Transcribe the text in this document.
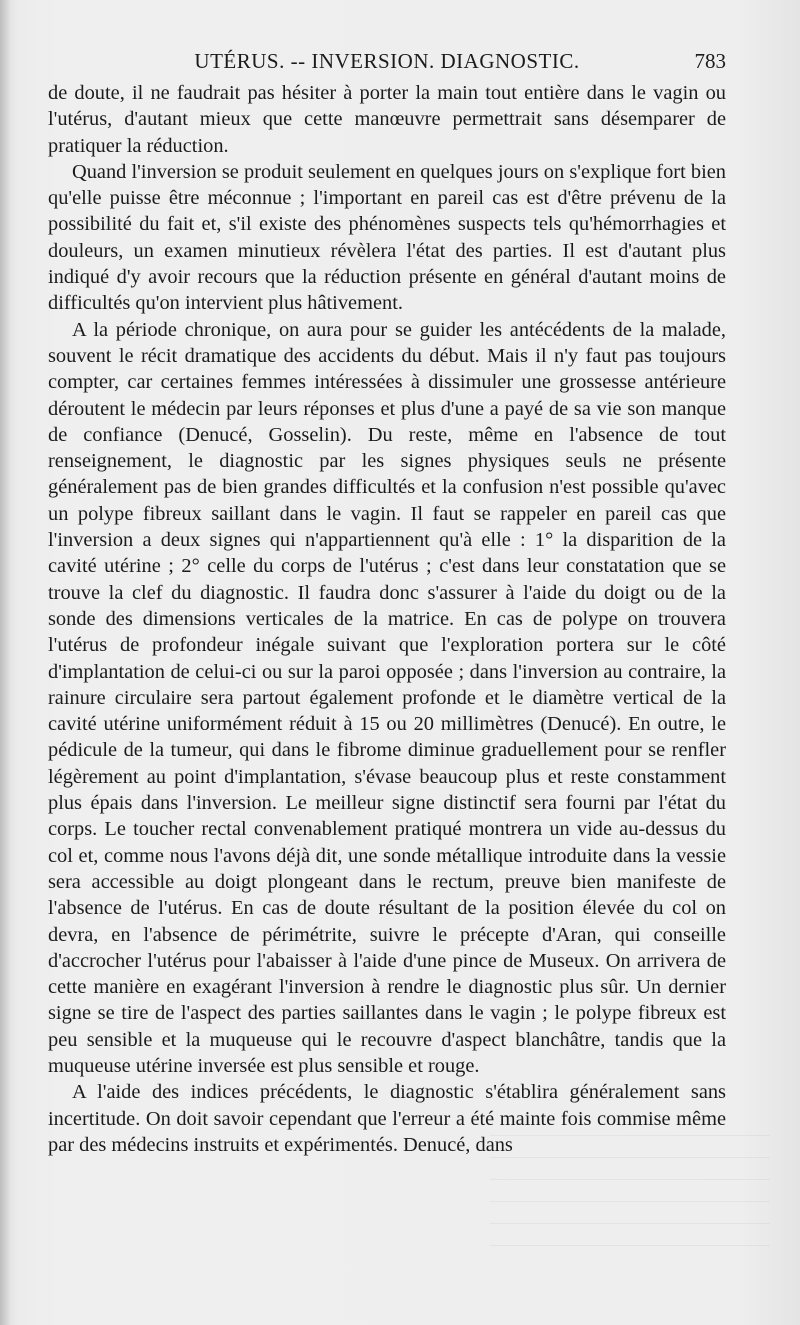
UTÉRUS. -- INVERSION. DIAGNOSTIC.	783

de doute, il ne faudrait pas hésiter à porter la main tout entière dans le vagin ou l'utérus, d'autant mieux que cette manœuvre permettrait sans désemparer de pratiquer la réduction.

Quand l'inversion se produit seulement en quelques jours on s'explique fort bien qu'elle puisse être méconnue ; l'important en pareil cas est d'être prévenu de la possibilité du fait et, s'il existe des phénomènes suspects tels qu'hémorrhagies et douleurs, un examen minutieux révèlera l'état des parties. Il est d'autant plus indiqué d'y avoir recours que la réduction présente en général d'autant moins de difficultés qu'on intervient plus hâtivement.

A la période chronique, on aura pour se guider les antécédents de la malade, souvent le récit dramatique des accidents du début. Mais il n'y faut pas toujours compter, car certaines femmes intéressées à dissimuler une grossesse antérieure déroutent le médecin par leurs réponses et plus d'une a payé de sa vie son manque de confiance (Denucé, Gosselin). Du reste, même en l'absence de tout renseignement, le diagnostic par les signes physiques seuls ne présente généralement pas de bien grandes difficultés et la confusion n'est possible qu'avec un polype fibreux saillant dans le vagin. Il faut se rappeler en pareil cas que l'inversion a deux signes qui n'appartiennent qu'à elle : 1° la disparition de la cavité utérine ; 2° celle du corps de l'utérus ; c'est dans leur constatation que se trouve la clef du diagnostic. Il faudra donc s'assurer à l'aide du doigt ou de la sonde des dimensions verticales de la matrice. En cas de polype on trouvera l'utérus de profondeur inégale suivant que l'exploration portera sur le côté d'implantation de celui-ci ou sur la paroi opposée ; dans l'inversion au contraire, la rainure circulaire sera partout également profonde et le diamètre vertical de la cavité utérine uniformément réduit à 15 ou 20 millimètres (Denucé). En outre, le pédicule de la tumeur, qui dans le fibrome diminue graduellement pour se renfler légèrement au point d'implantation, s'évase beaucoup plus et reste constamment plus épais dans l'inversion. Le meilleur signe distinctif sera fourni par l'état du corps. Le toucher rectal convenablement pratiqué montrera un vide au-dessus du col et, comme nous l'avons déjà dit, une sonde métallique introduite dans la vessie sera accessible au doigt plongeant dans le rectum, preuve bien manifeste de l'absence de l'utérus. En cas de doute résultant de la position élevée du col on devra, en l'absence de périmétrite, suivre le précepte d'Aran, qui conseille d'accrocher l'utérus pour l'abaisser à l'aide d'une pince de Museux. On arrivera de cette manière en exagérant l'inversion à rendre le diagnostic plus sûr. Un dernier signe se tire de l'aspect des parties saillantes dans le vagin ; le polype fibreux est peu sensible et la muqueuse qui le recouvre d'aspect blanchâtre, tandis que la muqueuse utérine inversée est plus sensible et rouge.

A l'aide des indices précédents, le diagnostic s'établira généralement sans incertitude. On doit savoir cependant que l'erreur a été mainte fois commise même par des médecins instruits et expérimentés. Denucé, dans
